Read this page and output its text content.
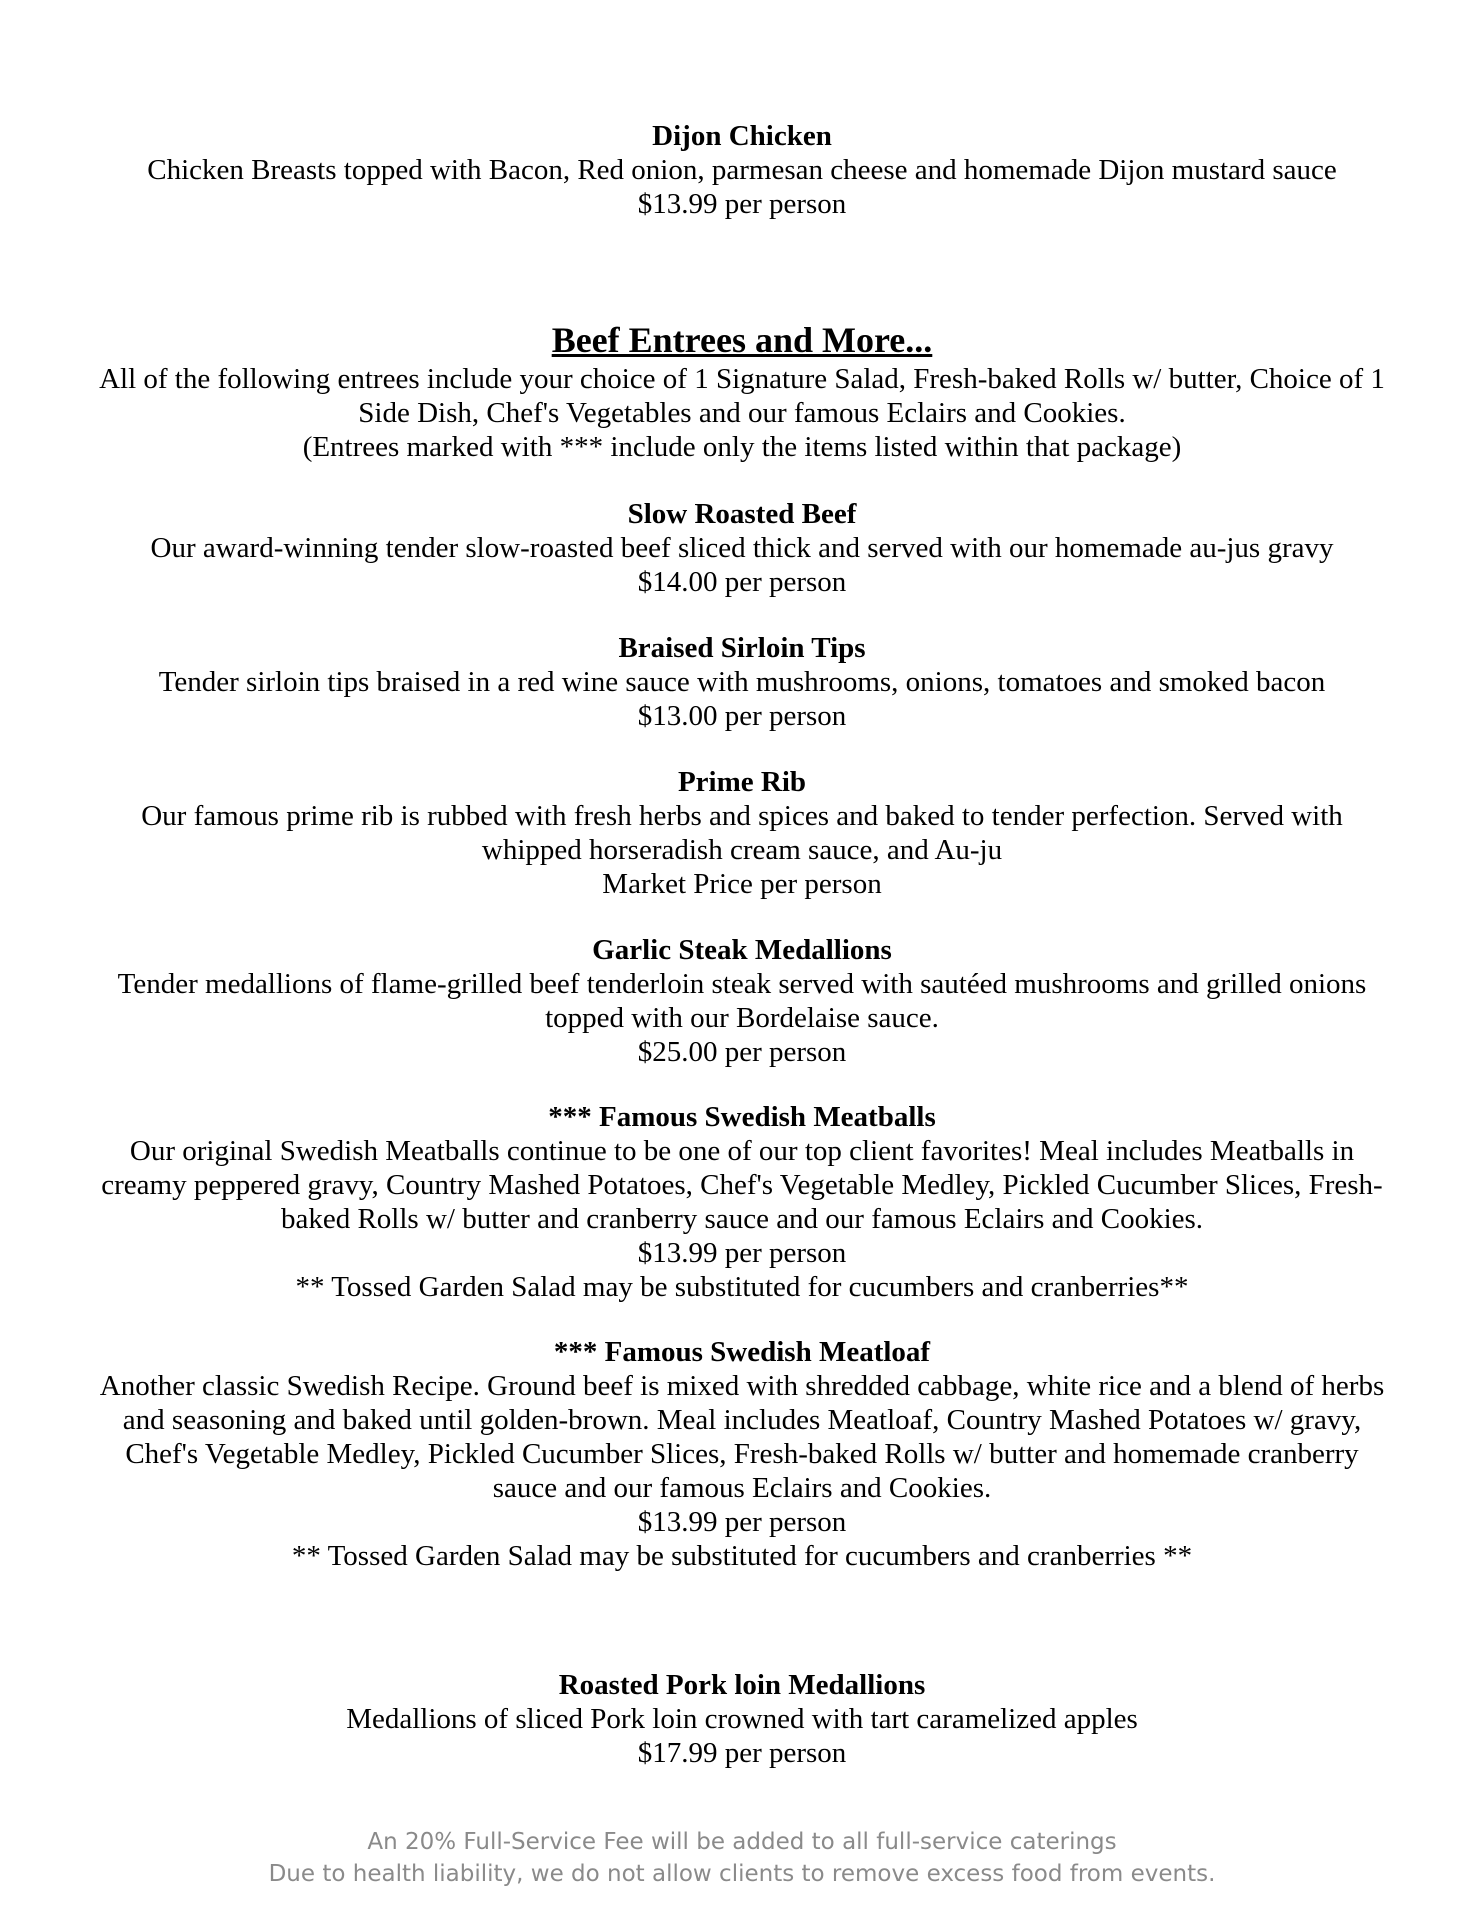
Dijon Chicken
Chicken Breasts topped with Bacon, Red onion, parmesan cheese and homemade Dijon mustard sauce
$13.99 per person
Beef Entrees and More...
All of the following entrees include your choice of 1 Signature Salad, Fresh-baked Rolls w/ butter, Choice of 1
Side Dish, Chef's Vegetables and our famous Eclairs and Cookies.
(Entrees marked with *** include only the items listed within that package)
Slow Roasted Beef
Our award-winning tender slow-roasted beef sliced thick and served with our homemade au-jus gravy
$14.00 per person
Braised Sirloin Tips
Tender sirloin tips braised in a red wine sauce with mushrooms, onions, tomatoes and smoked bacon
$13.00 per person
Prime Rib
Our famous prime rib is rubbed with fresh herbs and spices and baked to tender perfection. Served with
whipped horseradish cream sauce, and Au-ju
Market Price per person
Garlic Steak Medallions
Tender medallions of flame-grilled beef tenderloin steak served with sautéed mushrooms and grilled onions
topped with our Bordelaise sauce.
$25.00 per person
*** Famous Swedish Meatballs
Our original Swedish Meatballs continue to be one of our top client favorites! Meal includes Meatballs in
creamy peppered gravy, Country Mashed Potatoes, Chef's Vegetable Medley, Pickled Cucumber Slices, Fresh-
baked Rolls w/ butter and cranberry sauce and our famous Eclairs and Cookies.
$13.99 per person
** Tossed Garden Salad may be substituted for cucumbers and cranberries**
*** Famous Swedish Meatloaf
Another classic Swedish Recipe. Ground beef is mixed with shredded cabbage, white rice and a blend of herbs
and seasoning and baked until golden-brown. Meal includes Meatloaf, Country Mashed Potatoes w/ gravy,
Chef's Vegetable Medley, Pickled Cucumber Slices, Fresh-baked Rolls w/ butter and homemade cranberry
sauce and our famous Eclairs and Cookies.
$13.99 per person
** Tossed Garden Salad may be substituted for cucumbers and cranberries **
Roasted Pork loin Medallions
Medallions of sliced Pork loin crowned with tart caramelized apples
$17.99 per person
An 20% Full-Service Fee will be added to all full-service caterings
Due to health liability, we do not allow clients to remove excess food from events.
